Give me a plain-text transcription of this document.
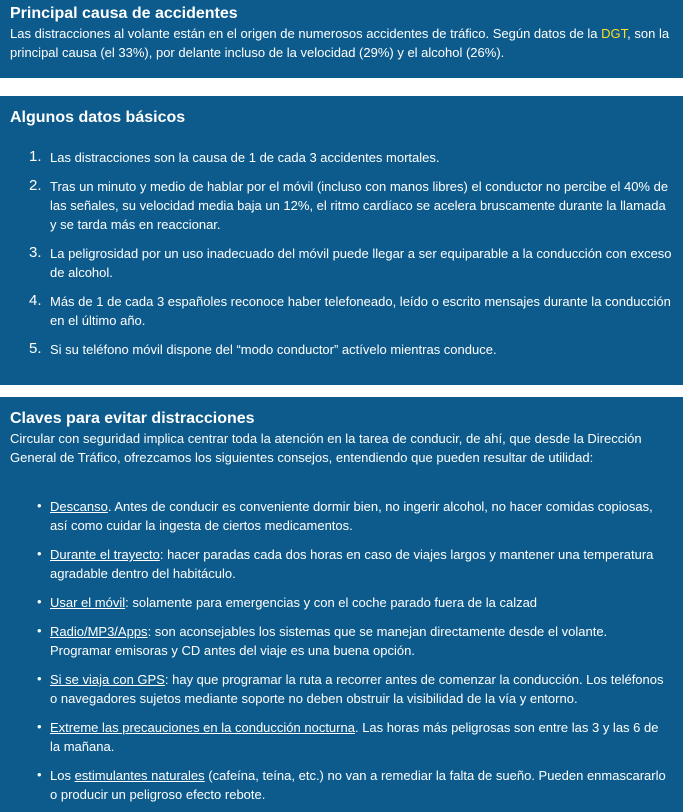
Principal causa de accidentes

Las distracciones al volante están en el origen de numerosos accidentes de tráfico. Según datos de la DGT, son la principal causa (el 33%), por delante incluso de la velocidad (29%) y el alcohol (26%).

Algunos datos básicos
1. Las distracciones son la causa de 1 de cada 3 accidentes mortales.
2. Tras un minuto y medio de hablar por el móvil (incluso con manos libres) el conductor no percibe el 40% de las señales, su velocidad media baja un 12%, el ritmo cardíaco se acelera bruscamente durante la llamada y se tarda más en reaccionar.
3. La peligrosidad por un uso inadecuado del móvil puede llegar a ser equiparable a la conducción con exceso de alcohol.
4. Más de 1 de cada 3 españoles reconoce haber telefoneado, leído o escrito mensajes durante la conducción en el último año.
5. Si su teléfono móvil dispone del “modo conductor” actívelo mientras conduce.
Claves para evitar distracciones

Circular con seguridad implica centrar toda la atención en la tarea de conducir, de ahí, que desde la Dirección General de Tráfico, ofrezcamos los siguientes consejos, entendiendo que pueden resultar de utilidad:

• Descanso. Antes de conducir es conveniente dormir bien, no ingerir alcohol, no hacer comidas copiosas, así como cuidar la ingesta de ciertos medicamentos.
• Durante el trayecto: hacer paradas cada dos horas en caso de viajes largos y mantener una temperatura agradable dentro del habitáculo.
• Usar el móvil: solamente para emergencias y con el coche parado fuera de la calzad
• Radio/MP3/Apps: son aconsejables los sistemas que se manejan directamente desde el volante. Programar emisoras y CD antes del viaje es una buena opción.
• Si se viaja con GPS: hay que programar la ruta a recorrer antes de comenzar la conducción. Los teléfonos o navegadores sujetos mediante soporte no deben obstruir la visibilidad de la vía y entorno.
• Extreme las precauciones en la conducción nocturna. Las horas más peligrosas son entre las 3 y las 6 de la mañana.
• Los estimulantes naturales (cafeína, teína, etc.) no van a remediar la falta de sueño. Pueden enmascararlo o producir un peligroso efecto rebote.
